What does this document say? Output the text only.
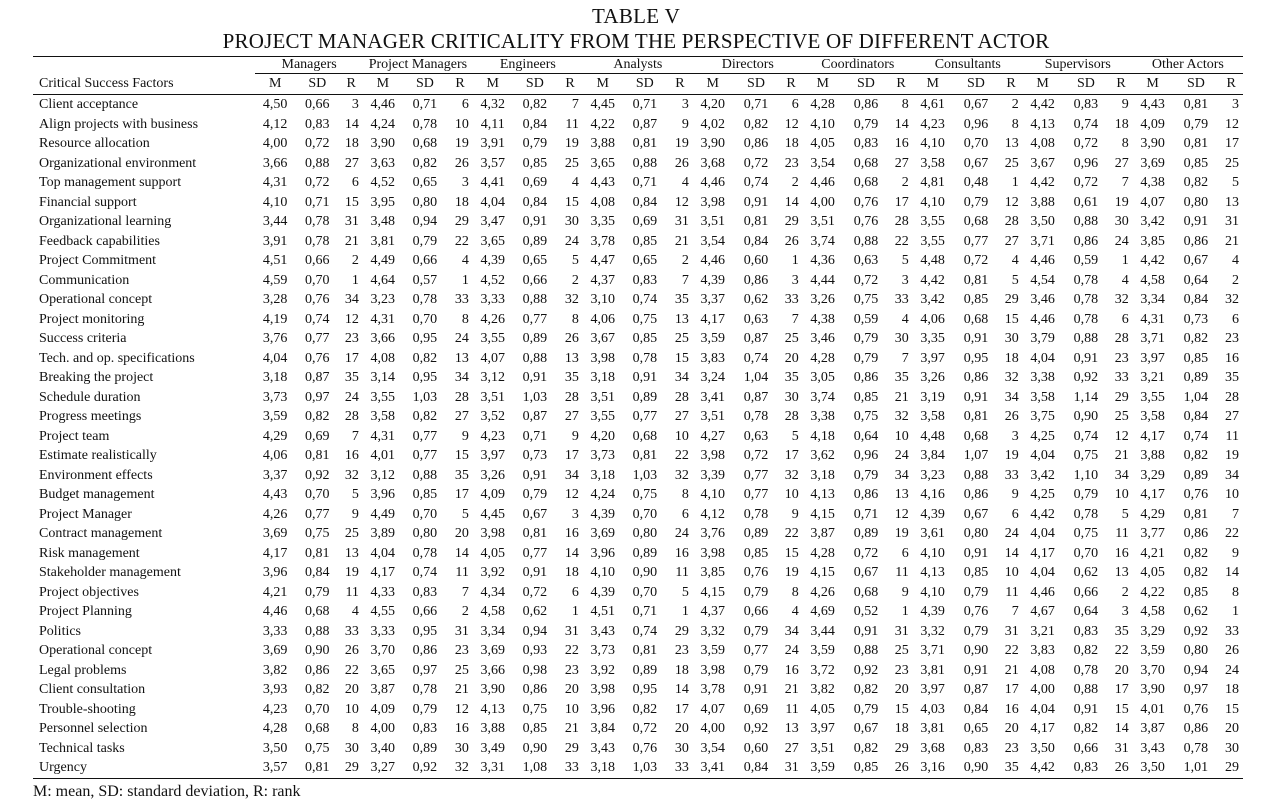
TABLE V
PROJECT MANAGER CRITICALITY FROM THE PERSPECTIVE OF DIFFERENT ACTOR
	Managers			Project Managers			Engineers			Analysts			Directors			Coordinators			Consultants			Supervisors			Other Actors		
Critical Success Factors	M	SD	R	M	SD	R	M	SD	R	M	SD	R	M	SD	R	M	SD	R	M	SD	R	M	SD	R	M	SD	R
Client acceptance	4,50	0,66	3	4,46	0,71	6	4,32	0,82	7	4,45	0,71	3	4,20	0,71	6	4,28	0,86	8	4,61	0,67	2	4,42	0,83	9	4,43	0,81	3
Align projects with business	4,12	0,83	14	4,24	0,78	10	4,11	0,84	11	4,22	0,87	9	4,02	0,82	12	4,10	0,79	14	4,23	0,96	8	4,13	0,74	18	4,09	0,79	12
Resource allocation	4,00	0,72	18	3,90	0,68	19	3,91	0,79	19	3,88	0,81	19	3,90	0,86	18	4,05	0,83	16	4,10	0,70	13	4,08	0,72	8	3,90	0,81	17
Organizational environment	3,66	0,88	27	3,63	0,82	26	3,57	0,85	25	3,65	0,88	26	3,68	0,72	23	3,54	0,68	27	3,58	0,67	25	3,67	0,96	27	3,69	0,85	25
Top management support	4,31	0,72	6	4,52	0,65	3	4,41	0,69	4	4,43	0,71	4	4,46	0,74	2	4,46	0,68	2	4,81	0,48	1	4,42	0,72	7	4,38	0,82	5
Financial support	4,10	0,71	15	3,95	0,80	18	4,04	0,84	15	4,08	0,84	12	3,98	0,91	14	4,00	0,76	17	4,10	0,79	12	3,88	0,61	19	4,07	0,80	13
Organizational learning	3,44	0,78	31	3,48	0,94	29	3,47	0,91	30	3,35	0,69	31	3,51	0,81	29	3,51	0,76	28	3,55	0,68	28	3,50	0,88	30	3,42	0,91	31
Feedback capabilities	3,91	0,78	21	3,81	0,79	22	3,65	0,89	24	3,78	0,85	21	3,54	0,84	26	3,74	0,88	22	3,55	0,77	27	3,71	0,86	24	3,85	0,86	21
Project Commitment	4,51	0,66	2	4,49	0,66	4	4,39	0,65	5	4,47	0,65	2	4,46	0,60	1	4,36	0,63	5	4,48	0,72	4	4,46	0,59	1	4,42	0,67	4
Communication	4,59	0,70	1	4,64	0,57	1	4,52	0,66	2	4,37	0,83	7	4,39	0,86	3	4,44	0,72	3	4,42	0,81	5	4,54	0,78	4	4,58	0,64	2
Operational concept	3,28	0,76	34	3,23	0,78	33	3,33	0,88	32	3,10	0,74	35	3,37	0,62	33	3,26	0,75	33	3,42	0,85	29	3,46	0,78	32	3,34	0,84	32
Project monitoring	4,19	0,74	12	4,31	0,70	8	4,26	0,77	8	4,06	0,75	13	4,17	0,63	7	4,38	0,59	4	4,06	0,68	15	4,46	0,78	6	4,31	0,73	6
Success criteria	3,76	0,77	23	3,66	0,95	24	3,55	0,89	26	3,67	0,85	25	3,59	0,87	25	3,46	0,79	30	3,35	0,91	30	3,79	0,88	28	3,71	0,82	23
Tech. and op. specifications	4,04	0,76	17	4,08	0,82	13	4,07	0,88	13	3,98	0,78	15	3,83	0,74	20	4,28	0,79	7	3,97	0,95	18	4,04	0,91	23	3,97	0,85	16
Breaking the project	3,18	0,87	35	3,14	0,95	34	3,12	0,91	35	3,18	0,91	34	3,24	1,04	35	3,05	0,86	35	3,26	0,86	32	3,38	0,92	33	3,21	0,89	35
Schedule duration	3,73	0,97	24	3,55	1,03	28	3,51	1,03	28	3,51	0,89	28	3,41	0,87	30	3,74	0,85	21	3,19	0,91	34	3,58	1,14	29	3,55	1,04	28
Progress meetings	3,59	0,82	28	3,58	0,82	27	3,52	0,87	27	3,55	0,77	27	3,51	0,78	28	3,38	0,75	32	3,58	0,81	26	3,75	0,90	25	3,58	0,84	27
Project team	4,29	0,69	7	4,31	0,77	9	4,23	0,71	9	4,20	0,68	10	4,27	0,63	5	4,18	0,64	10	4,48	0,68	3	4,25	0,74	12	4,17	0,74	11
Estimate realistically	4,06	0,81	16	4,01	0,77	15	3,97	0,73	17	3,73	0,81	22	3,98	0,72	17	3,62	0,96	24	3,84	1,07	19	4,04	0,75	21	3,88	0,82	19
Environment effects	3,37	0,92	32	3,12	0,88	35	3,26	0,91	34	3,18	1,03	32	3,39	0,77	32	3,18	0,79	34	3,23	0,88	33	3,42	1,10	34	3,29	0,89	34
Budget management	4,43	0,70	5	3,96	0,85	17	4,09	0,79	12	4,24	0,75	8	4,10	0,77	10	4,13	0,86	13	4,16	0,86	9	4,25	0,79	10	4,17	0,76	10
Project Manager	4,26	0,77	9	4,49	0,70	5	4,45	0,67	3	4,39	0,70	6	4,12	0,78	9	4,15	0,71	12	4,39	0,67	6	4,42	0,78	5	4,29	0,81	7
Contract management	3,69	0,75	25	3,89	0,80	20	3,98	0,81	16	3,69	0,80	24	3,76	0,89	22	3,87	0,89	19	3,61	0,80	24	4,04	0,75	11	3,77	0,86	22
Risk management	4,17	0,81	13	4,04	0,78	14	4,05	0,77	14	3,96	0,89	16	3,98	0,85	15	4,28	0,72	6	4,10	0,91	14	4,17	0,70	16	4,21	0,82	9
Stakeholder management	3,96	0,84	19	4,17	0,74	11	3,92	0,91	18	4,10	0,90	11	3,85	0,76	19	4,15	0,67	11	4,13	0,85	10	4,04	0,62	13	4,05	0,82	14
Project objectives	4,21	0,79	11	4,33	0,83	7	4,34	0,72	6	4,39	0,70	5	4,15	0,79	8	4,26	0,68	9	4,10	0,79	11	4,46	0,66	2	4,22	0,85	8
Project Planning	4,46	0,68	4	4,55	0,66	2	4,58	0,62	1	4,51	0,71	1	4,37	0,66	4	4,69	0,52	1	4,39	0,76	7	4,67	0,64	3	4,58	0,62	1
Politics	3,33	0,88	33	3,33	0,95	31	3,34	0,94	31	3,43	0,74	29	3,32	0,79	34	3,44	0,91	31	3,32	0,79	31	3,21	0,83	35	3,29	0,92	33
Operational concept	3,69	0,90	26	3,70	0,86	23	3,69	0,93	22	3,73	0,81	23	3,59	0,77	24	3,59	0,88	25	3,71	0,90	22	3,83	0,82	22	3,59	0,80	26
Legal problems	3,82	0,86	22	3,65	0,97	25	3,66	0,98	23	3,92	0,89	18	3,98	0,79	16	3,72	0,92	23	3,81	0,91	21	4,08	0,78	20	3,70	0,94	24
Client consultation	3,93	0,82	20	3,87	0,78	21	3,90	0,86	20	3,98	0,95	14	3,78	0,91	21	3,82	0,82	20	3,97	0,87	17	4,00	0,88	17	3,90	0,97	18
Trouble-shooting	4,23	0,70	10	4,09	0,79	12	4,13	0,75	10	3,96	0,82	17	4,07	0,69	11	4,05	0,79	15	4,03	0,84	16	4,04	0,91	15	4,01	0,76	15
Personnel selection	4,28	0,68	8	4,00	0,83	16	3,88	0,85	21	3,84	0,72	20	4,00	0,92	13	3,97	0,67	18	3,81	0,65	20	4,17	0,82	14	3,87	0,86	20
Technical tasks	3,50	0,75	30	3,40	0,89	30	3,49	0,90	29	3,43	0,76	30	3,54	0,60	27	3,51	0,82	29	3,68	0,83	23	3,50	0,66	31	3,43	0,78	30
Urgency	3,57	0,81	29	3,27	0,92	32	3,31	1,08	33	3,18	1,03	33	3,41	0,84	31	3,59	0,85	26	3,16	0,90	35	4,42	0,83	26	3,50	1,01	29
M: mean, SD: standard deviation, R: rank
